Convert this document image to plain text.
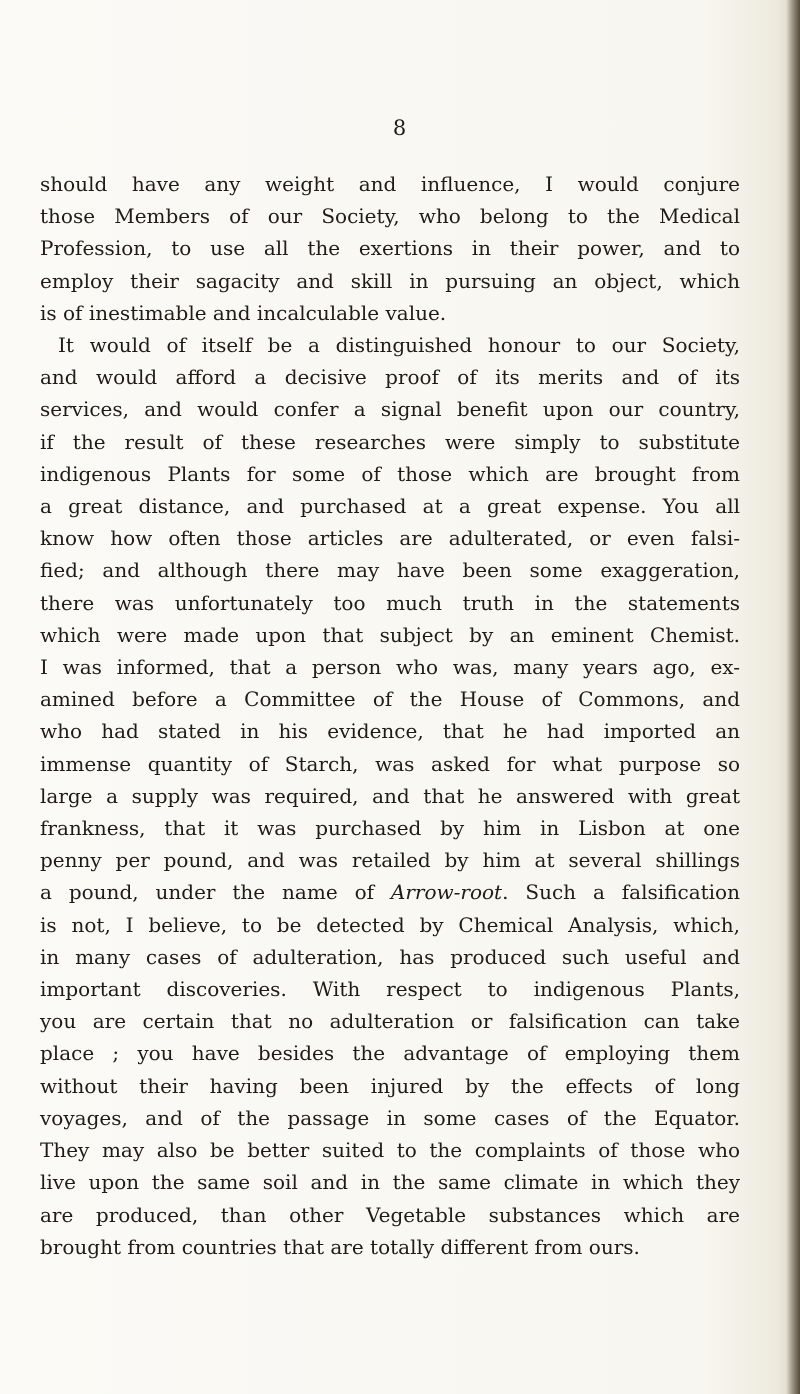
8

should have any weight and influence, I would conjure
those Members of our Society, who belong to the Medical
Profession, to use all the exertions in their power, and to
employ their sagacity and skill in pursuing an object, which
is of inestimable and incalculable value.
It would of itself be a distinguished honour to our Society,
and would afford a decisive proof of its merits and of its
services, and would confer a signal benefit upon our country,
if the result of these researches were simply to substitute
indigenous Plants for some of those which are brought from
a great distance, and purchased at a great expense. You all
know how often those articles are adulterated, or even falsi-
fied; and although there may have been some exaggeration,
there was unfortunately too much truth in the statements
which were made upon that subject by an eminent Chemist.
I was informed, that a person who was, many years ago, ex-
amined before a Committee of the House of Commons, and
who had stated in his evidence, that he had imported an
immense quantity of Starch, was asked for what purpose so
large a supply was required, and that he answered with great
frankness, that it was purchased by him in Lisbon at one
penny per pound, and was retailed by him at several shillings
a pound, under the name of Arrow-root. Such a falsification
is not, I believe, to be detected by Chemical Analysis, which,
in many cases of adulteration, has produced such useful and
important discoveries. With respect to indigenous Plants,
you are certain that no adulteration or falsification can take
place ; you have besides the advantage of employing them
without their having been injured by the effects of long
voyages, and of the passage in some cases of the Equator.
They may also be better suited to the complaints of those who
live upon the same soil and in the same climate in which they
are produced, than other Vegetable substances which are
brought from countries that are totally different from ours.
